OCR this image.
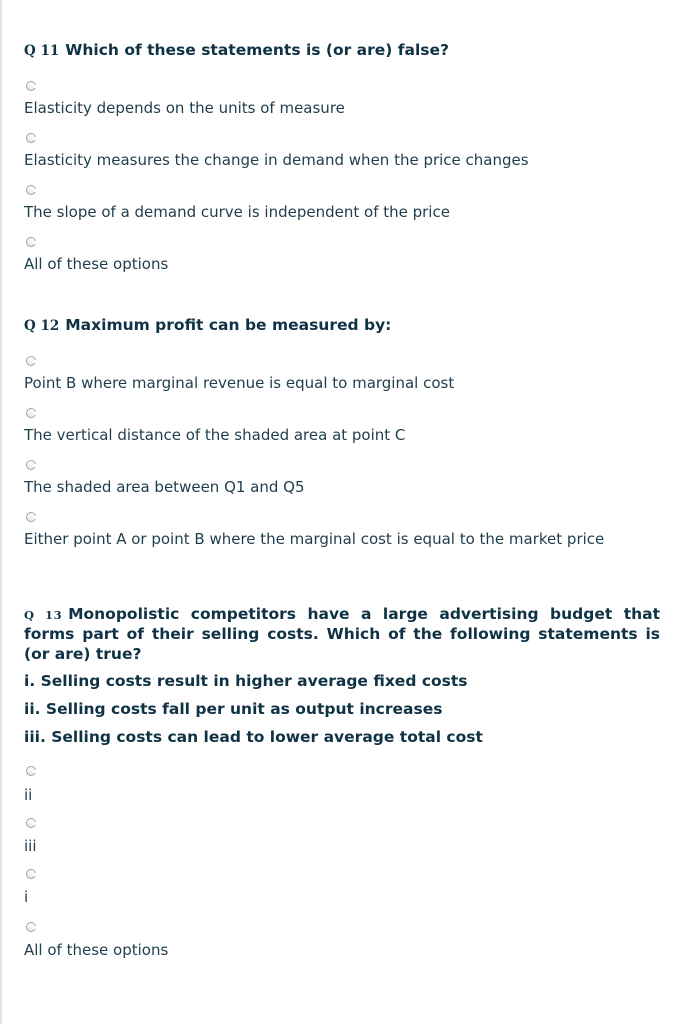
Q 11 Which of these statements is (or are) false?
Elasticity depends on the units of measure
Elasticity measures the change in demand when the price changes
The slope of a demand curve is independent of the price
All of these options
Q 12 Maximum profit can be measured by:
Point B where marginal revenue is equal to marginal cost
The vertical distance of the shaded area at point C
The shaded area between Q1 and Q5
Either point A or point B where the marginal cost is equal to the market price
Q 13 Monopolistic competitors have a large advertising budget that
forms part of their selling costs. Which of the following statements is
(or are) true?
i. Selling costs result in higher average fixed costs
ii. Selling costs fall per unit as output increases
iii. Selling costs can lead to lower average total cost
ii
iii
i
All of these options
